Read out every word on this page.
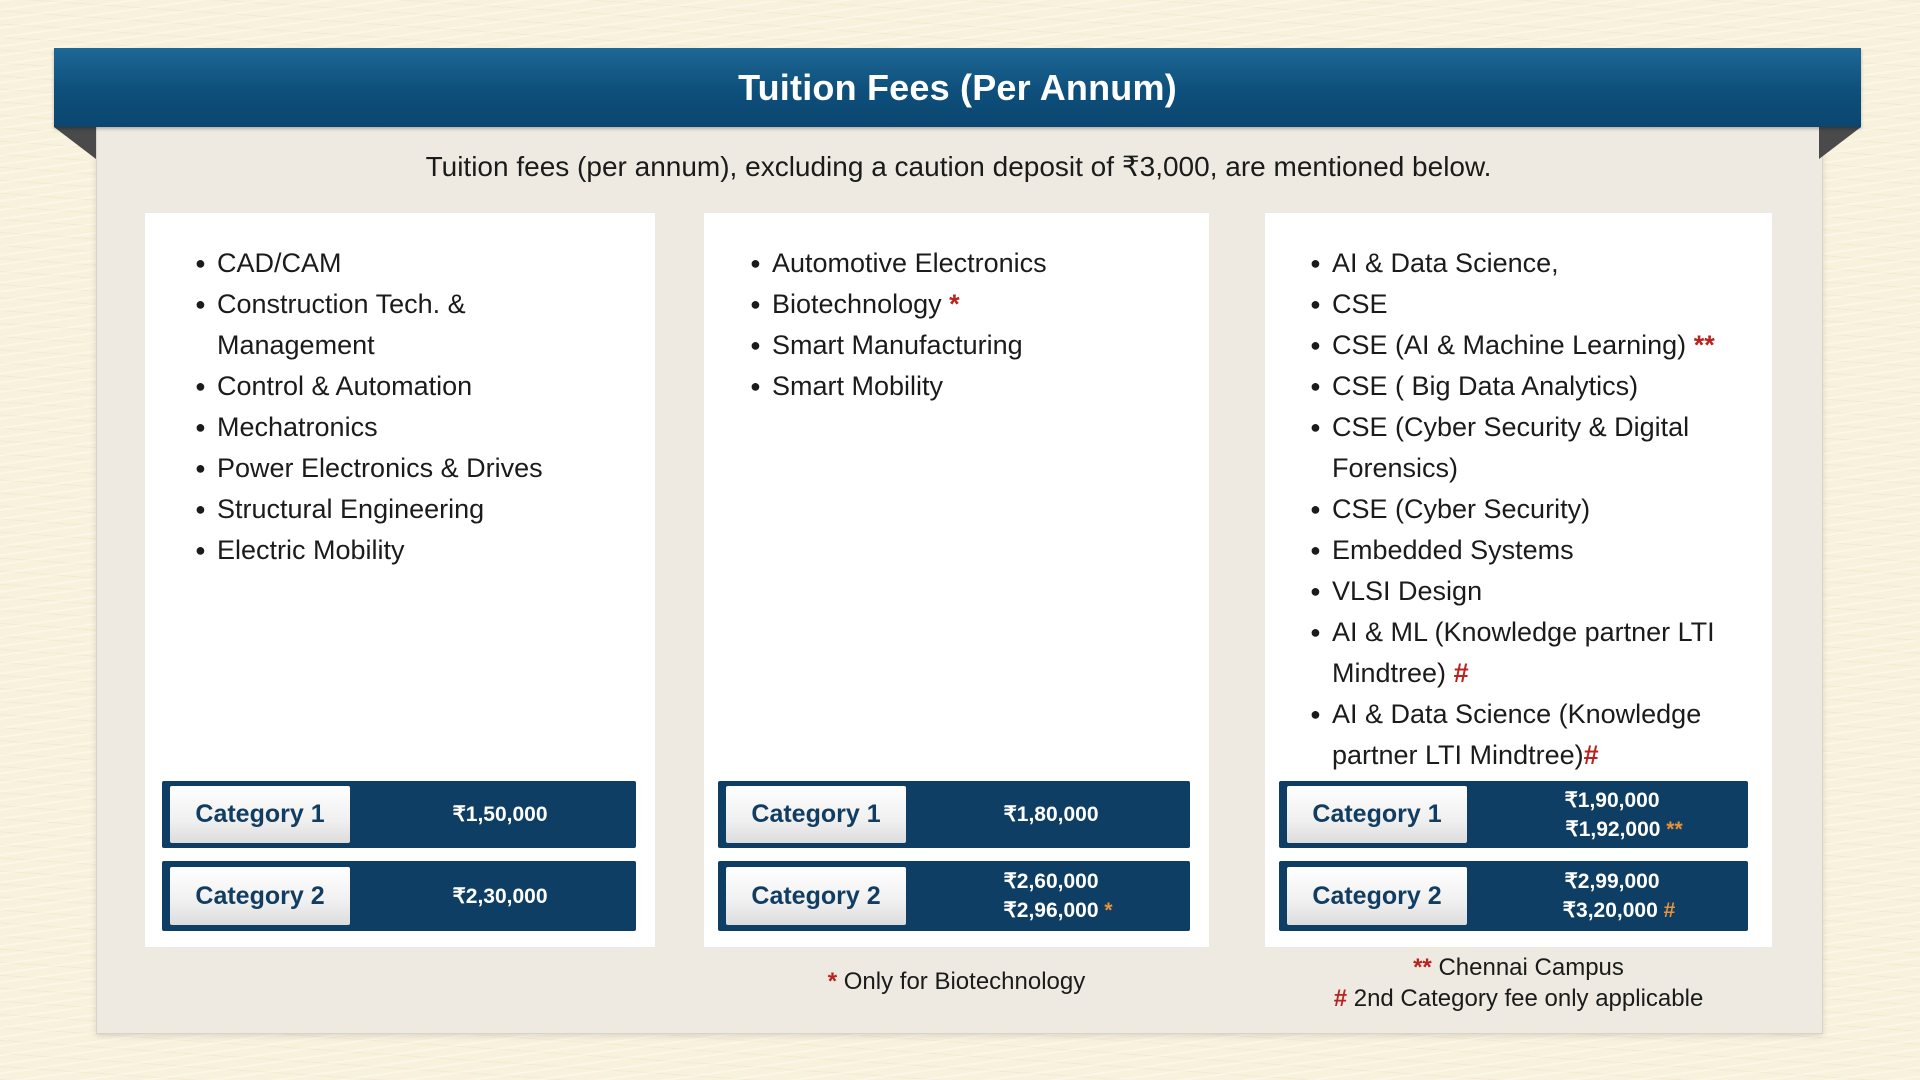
Tuition Fees (Per Annum)
Tuition fees (per annum), excluding a caution deposit of ₹3,000, are mentioned below.
● CAD/CAM
● Construction Tech. &
Management
● Control & Automation
● Mechatronics
● Power Electronics & Drives
● Structural Engineering
● Electric Mobility
Category 1	₹1,50,000
Category 2	₹2,30,000
● Automotive Electronics
● Biotechnology *
● Smart Manufacturing
● Smart Mobility
Category 1	₹1,80,000
Category 2	₹2,60,000
₹2,96,000 *
● AI & Data Science,
● CSE
● CSE (AI & Machine Learning) **
● CSE ( Big Data Analytics)
● CSE (Cyber Security & Digital
Forensics)
● CSE (Cyber Security)
● Embedded Systems
● VLSI Design
● AI & ML (Knowledge partner LTI
Mindtree) #
● AI & Data Science (Knowledge
partner LTI Mindtree)#
Category 1	₹1,90,000
₹1,92,000 **
Category 2	₹2,99,000
₹3,20,000 #
* Only for Biotechnology
** Chennai Campus
# 2nd Category fee only applicable
